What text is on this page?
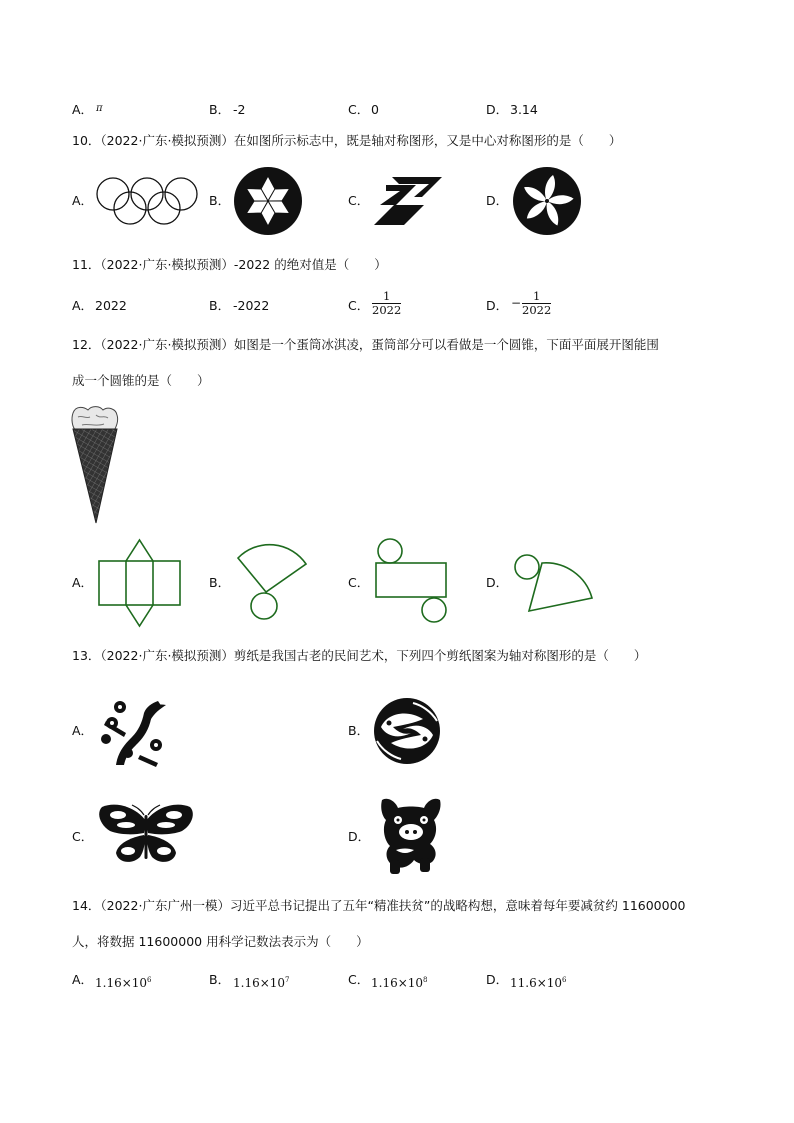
A． π	B． -2	C． 0	D． 3.14
10．（2022·广东·模拟预测）在如图所示标志中，既是轴对称图形，又是中心对称图形的是（　　）
A．	B．	C．	D．
11．（2022·广东·模拟预测）-2022 的绝对值是（　　）
A． 2022	B． -2022	C．
1
2022	D． − 1
2022
12．（2022·广东·模拟预测）如图是一个蛋筒冰淇凌，蛋筒部分可以看做是一个圆锥，下面平面展开图能围
成一个圆锥的是（　　）
A．	B．	C．	D．
13．（2022·广东·模拟预测）剪纸是我国古老的民间艺术，下列四个剪纸图案为轴对称图形的是（　　）
A．	B．
C．	D．
14．（2022·广东广州一模）习近平总书记提出了五年“精准扶贫”的战略构想，意味着每年要减贫约 11600000
人，将数据 11600000 用科学记数法表示为（　　）
A． $1.16\times 10^6$	B． $1.16\times 10^7$	C． $1.16\times 10^8$	D． $11.6\times 10^6$
